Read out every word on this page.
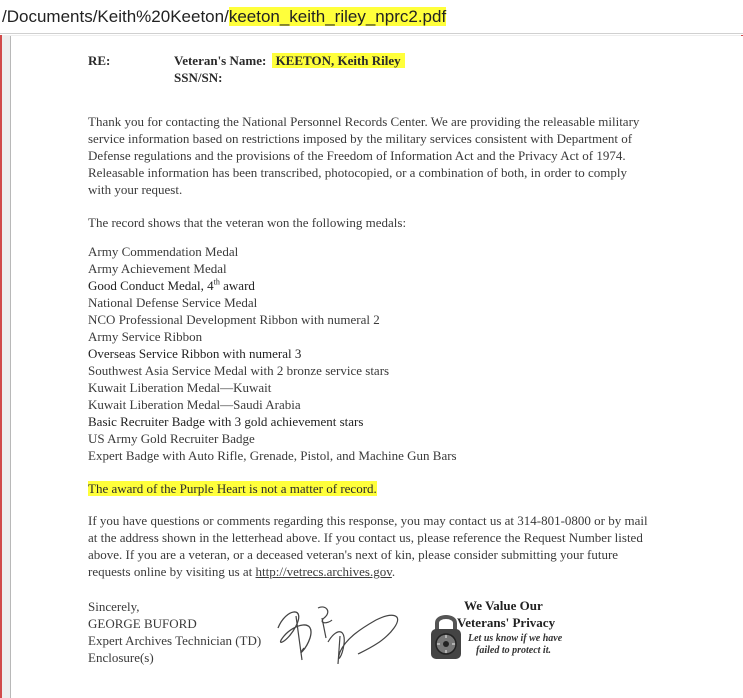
/Documents/Keith%20Keeton/keeton_keith_riley_nprc2.pdf
RE:	Veteran's Name: KEETON, Keith Riley
SSN/SN:

Thank you for contacting the National Personnel Records Center. We are providing the releasable military service information based on restrictions imposed by the military services consistent with Department of Defense regulations and the provisions of the Freedom of Information Act and the Privacy Act of 1974. Releasable information has been transcribed, photocopied, or a combination of both, in order to comply with your request.

The record shows that the veteran won the following medals:

Army Commendation Medal
Army Achievement Medal
Good Conduct Medal, 4th award
National Defense Service Medal
NCO Professional Development Ribbon with numeral 2
Army Service Ribbon
Overseas Service Ribbon with numeral 3
Southwest Asia Service Medal with 2 bronze service stars
Kuwait Liberation Medal—Kuwait
Kuwait Liberation Medal—Saudi Arabia
Basic Recruiter Badge with 3 gold achievement stars
US Army Gold Recruiter Badge
Expert Badge with Auto Rifle, Grenade, Pistol, and Machine Gun Bars

The award of the Purple Heart is not a matter of record.

If you have questions or comments regarding this response, you may contact us at 314-801-0800 or by mail at the address shown in the letterhead above. If you contact us, please reference the Request Number listed above. If you are a veteran, or a deceased veteran's next of kin, please consider submitting your future requests online by visiting us at http://vetrecs.archives.gov.

Sincerely,
GEORGE BUFORD
Expert Archives Technician (TD)
Enclosure(s)
We Value Our
Veterans' Privacy
Let us know if we have
failed to protect it.
